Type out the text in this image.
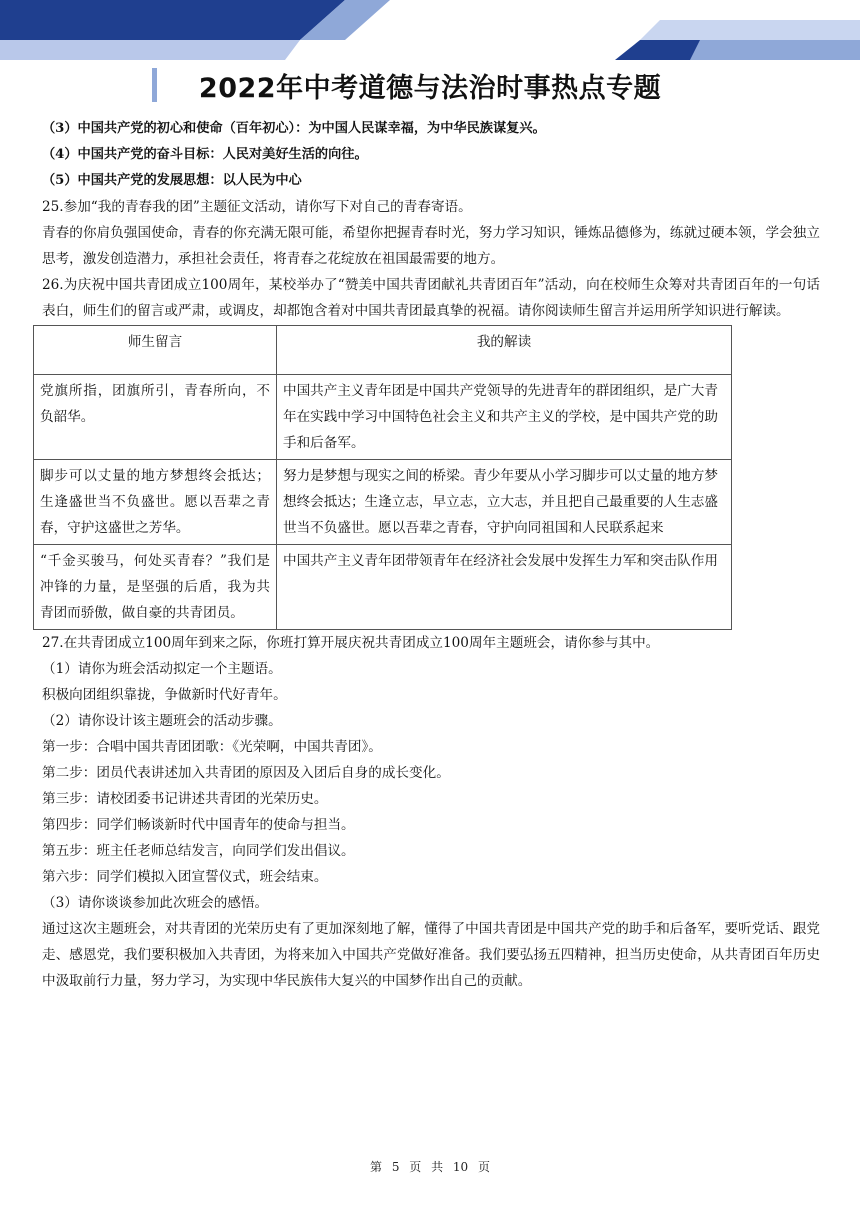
2022年中考道德与法治时事热点专题

（3）中国共产党的初心和使命（百年初心）：为中国人民谋幸福，为中华民族谋复兴。

（4）中国共产党的奋斗目标：人民对美好生活的向往。

（5）中国共产党的发展思想：以人民为中心

25.参加“我的青春我的团”主题征文活动，请你写下对自己的青春寄语。

青春的你肩负强国使命，青春的你充满无限可能，希望你把握青春时光，努力学习知识，锤炼品德修为，练就过硬本领，学会独立思考，激发创造潜力，承担社会责任，将青春之花绽放在祖国最需要的地方。

26.为庆祝中国共青团成立100周年，某校举办了“赞美中国共青团献礼共青团百年”活动，向在校师生众筹对共青团百年的一句话表白，师生们的留言或严肃，或调皮，却都饱含着对中国共青团最真挚的祝福。请你阅读师生留言并运用所学知识进行解读。

师生留言	我的解读
党旗所指，团旗所引，青春所向，不负韶华。	中国共产主义青年团是中国共产党领导的先进青年的群团组织，是广大青年在实践中学习中国特色社会主义和共产主义的学校，是中国共产党的助手和后备军。
脚步可以丈量的地方梦想终会抵达；生逢盛世当不负盛世。愿以吾辈之青春，守护这盛世之芳华。	努力是梦想与现实之间的桥梁。青少年要从小学习脚步可以丈量的地方梦想终会抵达；生逢立志，早立志，立大志，并且把自己最重要的人生志盛世当不负盛世。愿以吾辈之青春，守护向同祖国和人民联系起来
“千金买骏马，何处买青春？”我们是冲锋的力量，是坚强的后盾，我为共青团而骄傲，做自豪的共青团员。	中国共产主义青年团带领青年在经济社会发展中发挥生力军和突击队作用

27.在共青团成立100周年到来之际，你班打算开展庆祝共青团成立100周年主题班会，请你参与其中。

（1）请你为班会活动拟定一个主题语。

积极向团组织靠拢，争做新时代好青年。

（2）请你设计该主题班会的活动步骤。

第一步：合唱中国共青团团歌：《光荣啊，中国共青团》。

第二步：团员代表讲述加入共青团的原因及入团后自身的成长变化。

第三步：请校团委书记讲述共青团的光荣历史。

第四步：同学们畅谈新时代中国青年的使命与担当。

第五步：班主任老师总结发言，向同学们发出倡议。

第六步：同学们模拟入团宣誓仪式，班会结束。

（3）请你谈谈参加此次班会的感悟。

通过这次主题班会，对共青团的光荣历史有了更加深刻地了解，懂得了中国共青团是中国共产党的助手和后备军，要听党话、跟党走、感恩党，我们要积极加入共青团，为将来加入中国共产党做好准备。我们要弘扬五四精神，担当历史使命，从共青团百年历史中汲取前行力量，努力学习，为实现中华民族伟大复兴的中国梦作出自己的贡献。

第 5 页 共 10 页
